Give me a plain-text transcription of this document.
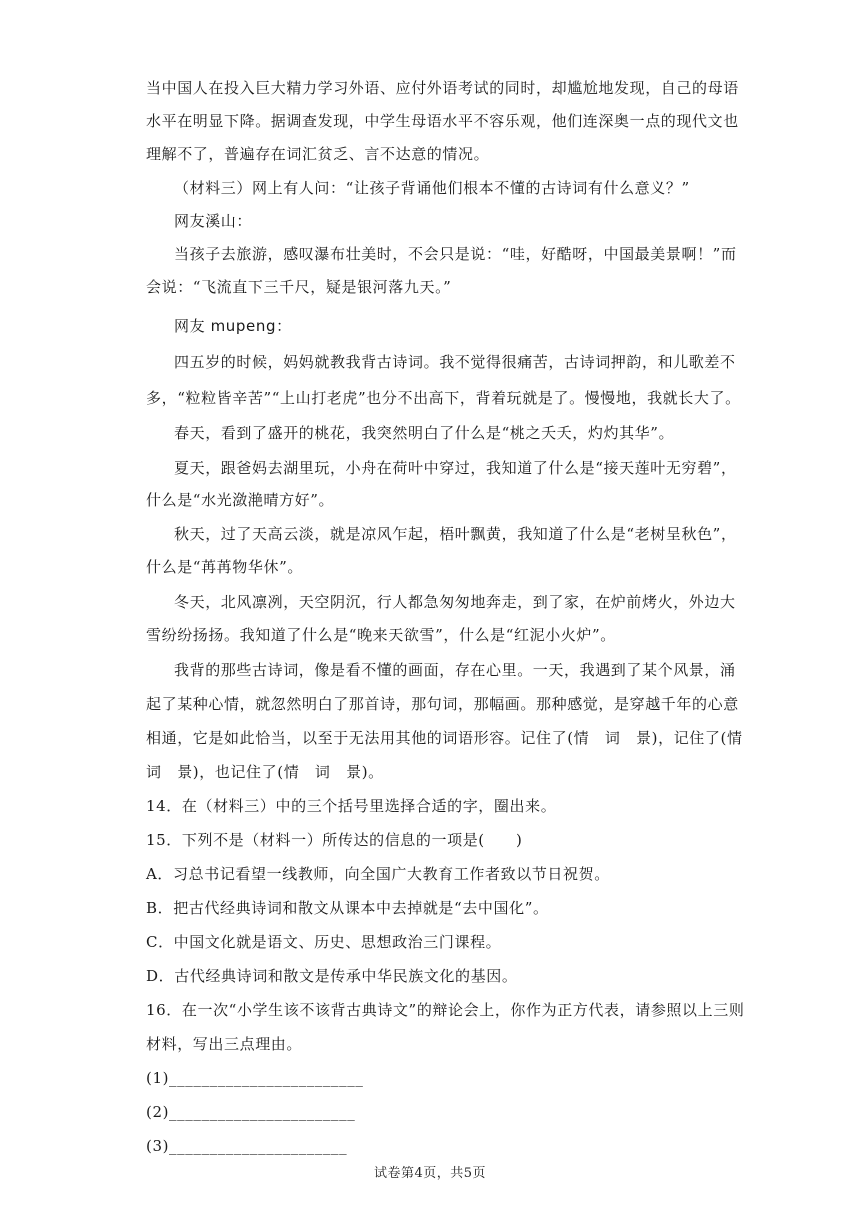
当中国人在投入巨大精力学习外语、应付外语考试的同时，却尴尬地发现，自己的母语
水平在明显下降。据调查发现，中学生母语水平不容乐观，他们连深奥一点的现代文也
理解不了，普遍存在词汇贫乏、言不达意的情况。
（材料三）网上有人问：“让孩子背诵他们根本不懂的古诗词有什么意义？”
网友溪山：
当孩子去旅游，感叹瀑布壮美时，不会只是说：“哇，好酷呀，中国最美景啊！”而
会说：“飞流直下三千尺，疑是银河落九天。”
网友 mupeng：
四五岁的时候，妈妈就教我背古诗词。我不觉得很痛苦，古诗词押韵，和儿歌差不
多，“粒粒皆辛苦”“上山打老虎”也分不出高下，背着玩就是了。慢慢地，我就长大了。
春天，看到了盛开的桃花，我突然明白了什么是“桃之夭夭，灼灼其华”。
夏天，跟爸妈去湖里玩，小舟在荷叶中穿过，我知道了什么是“接天莲叶无穷碧”，
什么是“水光潋滟晴方好”。
秋天，过了天高云淡，就是凉风乍起，梧叶飘黄，我知道了什么是“老树呈秋色”，
什么是“苒苒物华休”。
冬天，北风凛冽，天空阴沉，行人都急匆匆地奔走，到了家，在炉前烤火，外边大
雪纷纷扬扬。我知道了什么是“晚来天欲雪”，什么是“红泥小火炉”。
我背的那些古诗词，像是看不懂的画面，存在心里。一天，我遇到了某个风景，涌
起了某种心情，就忽然明白了那首诗，那句词，那幅画。那种感觉，是穿越千年的心意
相通，它是如此恰当，以至于无法用其他的词语形容。记住了(情　词　景)，记住了(情
词　景)，也记住了(情　词　景)。
14．在（材料三）中的三个括号里选择合适的字，圈出来。
15．下列不是（材料一）所传达的信息的一项是(　　)
A．习总书记看望一线教师，向全国广大教育工作者致以节日祝贺。
B．把古代经典诗词和散文从课本中去掉就是“去中国化”。
C．中国文化就是语文、历史、思想政治三门课程。
D．古代经典诗词和散文是传承中华民族文化的基因。
16．在一次“小学生该不该背古典诗文”的辩论会上，你作为正方代表，请参照以上三则
材料，写出三点理由。
(1)________________________
(2)_______________________
(3)______________________
试卷第4页，共5页
